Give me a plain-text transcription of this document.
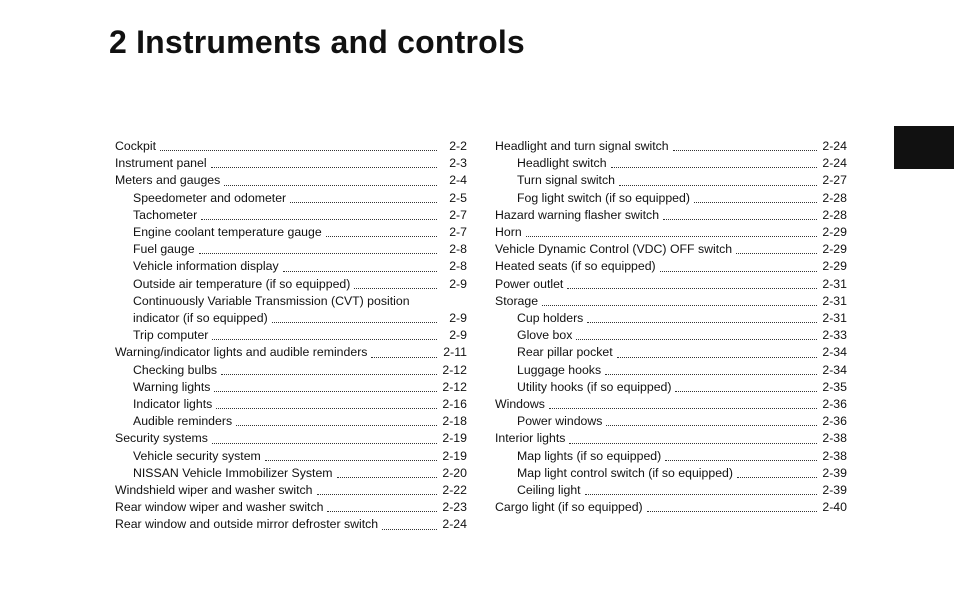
2 Instruments and controls
Cockpit	2-2
Instrument panel	2-3
Meters and gauges	2-4
Speedometer and odometer	2-5
Tachometer	2-7
Engine coolant temperature gauge	2-7
Fuel gauge	2-8
Vehicle information display	2-8
Outside air temperature (if so equipped)	2-9
Continuously Variable Transmission (CVT) position
indicator (if so equipped)	2-9
Trip computer	2-9
Warning/indicator lights and audible reminders	2-11
Checking bulbs	2-12
Warning lights	2-12
Indicator lights	2-16
Audible reminders	2-18
Security systems	2-19
Vehicle security system	2-19
NISSAN Vehicle Immobilizer System	2-20
Windshield wiper and washer switch	2-22
Rear window wiper and washer switch	2-23
Rear window and outside mirror defroster switch	2-24
Headlight and turn signal switch	2-24
Headlight switch	2-24
Turn signal switch	2-27
Fog light switch (if so equipped)	2-28
Hazard warning flasher switch	2-28
Horn	2-29
Vehicle Dynamic Control (VDC) OFF switch	2-29
Heated seats (if so equipped)	2-29
Power outlet	2-31
Storage	2-31
Cup holders	2-31
Glove box	2-33
Rear pillar pocket	2-34
Luggage hooks	2-34
Utility hooks (if so equipped)	2-35
Windows	2-36
Power windows	2-36
Interior lights	2-38
Map lights (if so equipped)	2-38
Map light control switch (if so equipped)	2-39
Ceiling light	2-39
Cargo light (if so equipped)	2-40
